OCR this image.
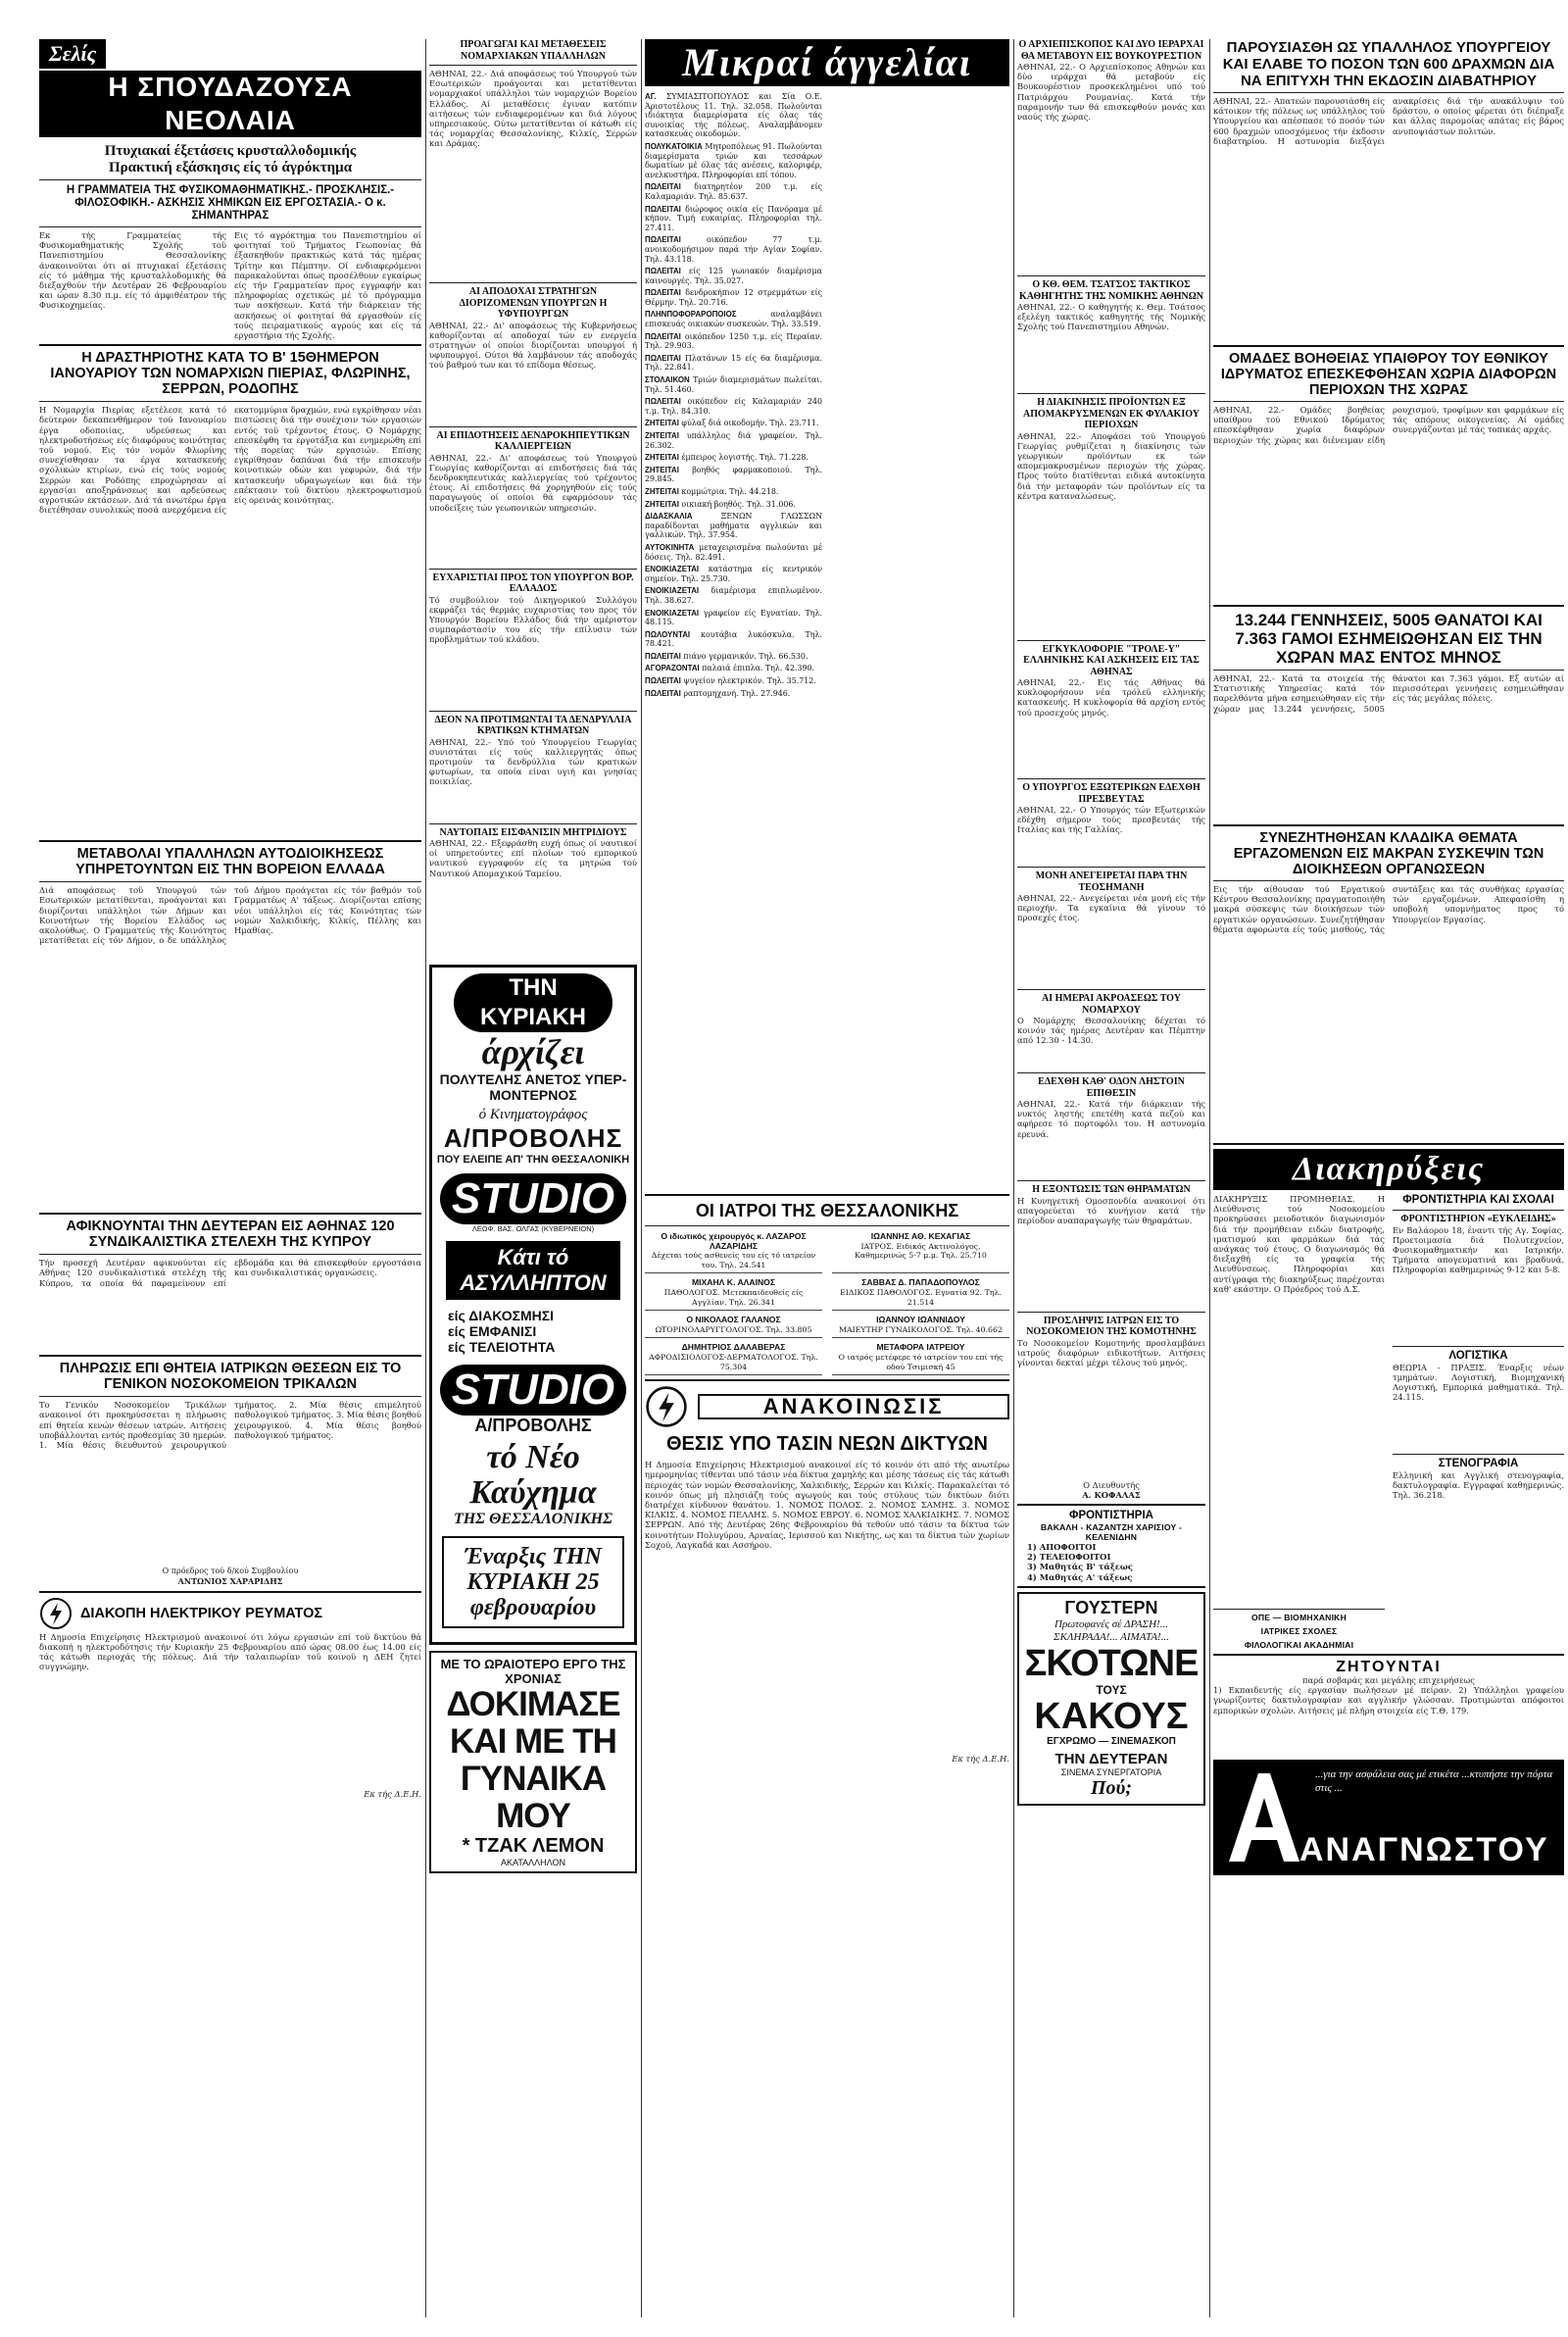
Σελίς
Η ΣΠΟΥΔΑΖΟΥΣΑ ΝΕΟΛΑΙΑ
Πτυχιακαί έξετάσεις κρυσταλλοδομικής
Πρακτική εξάσκησις είς τό άγρόκτημα
Η ΓΡΑΜΜΑΤΕΙΑ ΤΗΣ ΦΥΣΙΚΟΜΑΘΗΜΑΤΙΚΗΣ.- ΠΡΟΣΚΛΗΣΙΣ.- ΦΙΛΟΣΟΦΙΚΗ.- ΑΣΚΗΣΙΣ ΧΗΜΙΚΩΝ ΕΙΣ ΕΡΓΟΣΤΑΣΙΑ.- Ο κ. ΣΗΜΑΝΤΗΡΑΣ

Εκ τής Γραμματείας τής Φυσικομαθηματικής Σχολής τοϋ Πανεπιστημίου Θεσσαλονίκης άνακοινοϋται ότι αί πτυχιακαί έξετάσεις είς τό μάθημα τής κρυσταλλοδομικής θά διεξαχθούν τήν Δευτέραν 26 Φεβρουαρίου και ώραν 8.30 π.μ. είς τό άμφιθέατρον τής Φυσικοχημείας.

Εις τό αγρόκτημα του Πανεπιστημίου οί φοιτηταί τοϋ Τμήματος Γεωπονίας θά έξασκηθοϋν πρακτικώς κατά τάς ημέρας Τρίτην και Πέμπτην. Οί ενδιαφερόμενοι παρακαλοϋνται όπως προσέλθουν εγκαίρως είς τήν Γραμματείαν προς εγγραφήν και πληροφορίας σχετικώς μέ τό πρόγραμμα των ασκήσεων. Κατά τήν διάρκειαν τής ασκήσεως οί φοιτηταί θά εργασθούν είς τούς πειραματικούς αγρούς και είς τά εργαστήρια τής Σχολής.

Η ΔΡΑΣΤΗΡΙΟΤΗΣ ΚΑΤΑ ΤΟ Β' 15ΘΗΜΕΡΟΝ ΙΑΝΟΥΑΡΙΟΥ ΤΩΝ ΝΟΜΑΡΧΙΩΝ ΠΙΕΡΙΑΣ, ΦΛΩΡΙΝΗΣ, ΣΕΡΡΩΝ, ΡΟΔΟΠΗΣ

Η Νομαρχία Πιερίας εξετέλεσε κατά τό δεύτερον δεκαπενθήμερον τού Ιανουαρίου έργα οδοποιίας, υδρεύσεως και ηλεκτροδοτήσεως είς διαφόρους κοινότητας τοϋ νομού. Εις τόν νομόν Φλωρίνης συνεχίσθησαν τα έργα κατασκευής σχολικών κτιρίων, ενώ είς τούς νομούς Σερρών και Ροδόπης επροχώρησαν αί εργασίαι αποξηράνσεως και αρδεύσεως αγροτικών εκτάσεων. Διά τά ανωτέρω έργα διετέθησαν συνολικώς ποσά ανερχόμενα είς εκατομμύρια δραχμών, ενώ εγκρίθησαν νέαι πιστώσεις διά τήν συνέχισιν τών εργασιών εντός τοϋ τρέχοντος έτους. Ο Νομάρχης επεσκέφθη τα εργοτάξια και ενημερώθη επί τής πορείας τών εργασιών. Επίσης εγκρίθησαν δαπάναι διά τήν επισκευήν κοινοτικών οδών και γεφυρών, διά τήν κατασκευήν υδραγωγείων και διά τήν επέκτασιν τοϋ δικτύου ηλεκτροφωτισμού είς ορεινάς κοινότητας.

ΜΕΤΑΒΟΛΑΙ ΥΠΑΛΛΗΛΩΝ ΑΥΤΟΔΙΟΙΚΗΣΕΩΣ ΥΠΗΡΕΤΟΥΝΤΩΝ ΕΙΣ ΤΗΝ ΒΟΡΕΙΟΝ ΕΛΛΑΔΑ

Διά αποφάσεως τοϋ Υπουργού τών Εσωτερικών μετατίθενται, προάγονται και διορίζονται υπάλληλοι τών Δήμων και Κοινοτήτων τής Βορείου Ελλάδος ως ακολούθως. Ο Γραμματεύς τής Κοινότητος μετατίθεται είς τόν Δήμον, ο δε υπάλληλος τοϋ Δήμου προάγεται είς τόν βαθμόν τοϋ Γραμματέως Α' τάξεως. Διορίζονται επίσης νέοι υπάλληλοι είς τάς Κοινότητας τών νομών Χαλκιδικής, Κιλκίς, Πέλλης και Ημαθίας.

ΑΦΙΚΝΟΥΝΤΑΙ ΤΗΝ ΔΕΥΤΕΡΑΝ ΕΙΣ ΑΘΗΝΑΣ 120 ΣΥΝΔΙΚΑΛΙΣΤΙΚΑ ΣΤΕΛΕΧΗ ΤΗΣ ΚΥΠΡΟΥ

Τήν προσεχή Δευτέραν αφικνούνται είς Αθήνας 120 συνδικαλιστικά στελέχη τής Κύπρου, τα οποία θά παραμείνουν επί εβδομάδα και θά επισκεφθούν εργοστάσια και συνδικαλιστικάς οργανώσεις.

ΠΛΗΡΩΣΙΣ ΕΠΙ ΘΗΤΕΙΑ ΙΑΤΡΙΚΩΝ ΘΕΣΕΩΝ ΕΙΣ ΤΟ ΓΕΝΙΚΟΝ ΝΟΣΟΚΟΜΕΙΟΝ ΤΡΙΚΑΛΩΝ

Το Γενικόν Νοσοκομείον Τρικάλων ανακοινοί ότι προκηρύσσεται η πλήρωσις επί θητεία κενών θέσεων ιατρών. Αιτήσεις υποβάλλονται εντός προθεσμίας 30 ημερών. 1. Μία θέσις διευθυντού χειρουργικού τμήματος. 2. Μία θέσις επιμελητού παθολογικού τμήματος. 3. Μία θέσις βοηθού χειρουργικού. 4. Μία θέσις βοηθού παθολογικού τμήματος.

Ο πρόεδρος τού δ/κού Συμβουλίου

ΑΝΤΩΝΙΟΣ ΧΑΡΑΡΙΔΗΣ

ΔΙΑΚΟΠΗ ΗΛΕΚΤΡΙΚΟΥ ΡΕΥΜΑΤΟΣ

Η Δημοσία Επιχείρησις Ηλεκτρισμού ανακοινοί ότι λόγω εργασιών επί τοϋ δικτύου θά διακοπή η ηλεκτροδότησις τήν Κυριακήν 25 Φεβρουαρίου από ώρας 08.00 έως 14.00 είς τάς κάτωθι περιοχάς τής πόλεως. Διά τήν ταλαιπωρίαν τοϋ κοινοϋ η ΔΕΗ ζητεί συγγνώμην.

Εκ τής Δ.Ε.Η.

ΠΡΟΑΓΩΓΑΙ ΚΑΙ ΜΕΤΑΘΕΣΕΙΣ ΝΟΜΑΡΧΙΑΚΩΝ ΥΠΑΛΛΗΛΩΝ

ΑΘΗΝΑΙ, 22.- Διά αποφάσεως τού Υπουργού τών Εσωτερικών προάγονται και μετατίθενται νομαρχιακοί υπάλληλοι τών νομαρχιών Βορείου Ελλάδος. Αί μεταθέσεις έγιναν κατόπιν αιτήσεως τών ενδιαφερομένων και διά λόγους υπηρεσιακούς. Ούτω μετατίθενται οί κάτωθι είς τάς νομαρχίας Θεσσαλονίκης, Κιλκίς, Σερρών και Δράμας.

ΑΙ ΑΠΟΔΟΧΑΙ ΣΤΡΑΤΗΓΩΝ ΔΙΟΡΙΖΟΜΕΝΩΝ ΥΠΟΥΡΓΩΝ Η ΥΦΥΠΟΥΡΓΩΝ

ΑΘΗΝΑΙ, 22.- Δι' αποφάσεως τής Κυβερνήσεως καθορίζονται αί αποδοχαί τών εν ενεργεία στρατηγών οί οποίοι διορίζονται υπουργοί ή υφυπουργοί. Ούτοι θά λαμβάνουν τάς αποδοχάς τού βαθμού των και τό επίδομα θέσεως.

ΑΙ ΕΠΙΔΟΤΗΣΕΙΣ ΔΕΝΔΡΟΚΗΠΕΥΤΙΚΩΝ ΚΑΛΛΙΕΡΓΕΙΩΝ

ΑΘΗΝΑΙ, 22.- Δι' αποφάσεως τού Υπουργού Γεωργίας καθορίζονται αί επιδοτήσεις διά τάς δενδροκηπευτικάς καλλιεργείας τού τρέχοντος έτους. Αί επιδοτήσεις θά χορηγηθούν είς τούς παραγωγούς οί οποίοι θά εφαρμόσουν τάς υποδείξεις τών γεωπονικών υπηρεσιών.

ΕΥΧΑΡΙΣΤΙΑΙ ΠΡΟΣ ΤΟΝ ΥΠΟΥΡΓΟΝ ΒΟΡ. ΕΛΛΑΔΟΣ

Τό συμβούλιον τού Δικηγορικού Συλλόγου εκφράζει τάς θερμάς ευχαριστίας του προς τόν Υπουργόν Βορείου Ελλάδος διά τήν αμέριστον συμπαράστασίν του είς τήν επίλυσιν τών προβλημάτων τού κλάδου.

ΔΕΟΝ ΝΑ ΠΡΟΤΙΜΩΝΤΑΙ ΤΑ ΔΕΝΔΡΥΛΛΙΑ ΚΡΑΤΙΚΩΝ ΚΤΗΜΑΤΩΝ

ΑΘΗΝΑΙ, 22.- Υπό τού Υπουργείου Γεωργίας συνιστάται είς τούς καλλιεργητάς όπως προτιμούν τα δενδρύλλια τών κρατικών φυτωρίων, τα οποία είναι υγιή και γνησίας ποικιλίας.

ΝΑΥΤΟΠΑΙΣ ΕΙΣΦΑΝΙΣΙΝ ΜΗΤΡΙΔΙΟΥΣ

ΑΘΗΝΑΙ, 22.- Εξεφράσθη ευχή όπως οί ναυτικοί οί υπηρετούντες επί πλοίων τού εμπορικού ναυτικού εγγραφούν είς τα μητρώα τού Ναυτικού Απομαχικού Ταμείου.

ΤΗΝ ΚΥΡΙΑΚΗ
άρχίζει
ΠΟΛΥΤΕΛΗΣ ΑΝΕΤΟΣ ΥΠΕΡ-ΜΟΝΤΕΡΝΟΣ
ό Κινηματογράφος
Α/ΠΡΟΒΟΛΗΣ
ΠΟΥ ΕΛΕΙΠΕ ΑΠ' ΤΗΝ ΘΕΣΣΑΛΟΝΙΚΗ
STUDIO
ΛΕΩΦ. ΒΑΣ. ΟΛΓΑΣ (ΚΥΒΕΡΝΕΙΟΝ)
Κάτι τό ΑΣΥΛΛΗΠΤΟΝ
είς ΔΙΑΚΟΣΜΗΣΙ
είς ΕΜΦΑΝΙΣΙ
είς ΤΕΛΕΙΟΤΗΤΑ
STUDIO
Α/ΠΡΟΒΟΛΗΣ
τό Νέο Καύχημα
ΤΗΣ ΘΕΣΣΑΛΟΝΙΚΗΣ
Έναρξις ΤΗΝ ΚΥΡΙΑΚΗ 25 φεβρουαρίου
ΜΕ ΤΟ ΩΡΑΙΟΤΕΡΟ ΕΡΓΟ ΤΗΣ ΧΡΟΝΙΑΣ
ΔΟΚΙΜΑΣΕ ΚΑΙ ΜΕ ΤΗ ΓΥΝΑΙΚΑ ΜΟΥ
* ΤΖΑΚ ΛΕΜΟΝ
ΑΚΑΤΑΛΛΗΛΟΝ
Μικραί άγγελίαι

ΑΓ. ΣΥΜΙΑΣΙΤΟΠΟΥΛΟΣ και Σία Ο.Ε. Άριστοτέλους 11. Τηλ. 32.058. Πωλοϋνται ιδιόκτητα διαμερίσματα είς όλας τάς συνοικίας τής πόλεως. Αναλαμβάνομεν κατασκευάς οικοδομών.

ΠΟΛΥΚΑΤΟΙΚΙΑ Μητροπόλεως 91. Πωλούνται διαμερίσματα τριών και τεσσάρων δωματίων μέ όλας τάς ανέσεις, καλοριφέρ, ανελκυστήρα. Πληροφορίαι επί τόπου.

ΠΩΛΕΙΤΑΙ διατηρητέον 200 τ.μ. είς Καλαμαριάν. Τηλ. 85.637.

ΠΩΛΕΙΤΑΙ διώροφος οικία είς Πανόραμα μέ κήπον. Τιμή ευκαιρίας. Πληροφορίαι τηλ. 27.411.

ΠΩΛΕΙΤΑΙ οικόπεδον 77 τ.μ. ανοικοδομήσιμον παρά τήν Αγίαν Σοφίαν. Τηλ. 43.118.

ΠΩΛΕΙΤΑΙ είς 125 γωνιακόν διαμέρισμα καινουργές. Τηλ. 35.027.

ΠΩΛΕΙΤΑΙ δενδροκήπιον 12 στρεμμάτων είς Θέρμην. Τηλ. 20.716.

ΠΛΗΝΠΟΦΟΡΑΡΟΠΟΙΟΣ αναλαμβάνει επισκευάς οικιακών συσκευών. Τηλ. 33.519.

ΠΩΛΕΙΤΑΙ οικόπεδον 1250 τ.μ. είς Περαίαν. Τηλ. 29.903.

ΠΩΛΕΙΤΑΙ Πλατάνων 15 είς 6α διαμέρισμα. Τηλ. 22.841.

ΣΤΟΛΑΙΚΟΝ Τριών διαμερισμάτων πωλείται. Τηλ. 51.460.

ΠΩΛΕΙΤΑΙ οικόπεδον είς Καλαμαριάν 240 τ.μ. Τηλ. 84.310.

ΖΗΤΕΙΤΑΙ φύλαξ διά οικοδομήν. Τηλ. 23.711.

ΖΗΤΕΙΤΑΙ υπάλληλος διά γραφείον. Τηλ. 26.302.

ΖΗΤΕΙΤΑΙ έμπειρος λογιστής. Τηλ. 71.228.

ΖΗΤΕΙΤΑΙ βοηθός φαρμακοποιού. Τηλ. 29.845.

ΖΗΤΕΙΤΑΙ κομμώτρια. Τηλ. 44.218.

ΖΗΤΕΙΤΑΙ οικιακή βοηθός. Τηλ. 31.006.

ΔΙΔΑΣΚΑΛΙΑ ΞΕΝΩΝ ΓΛΩΣΣΩΝ παραδίδονται μαθήματα αγγλικών και γαλλικών. Τηλ. 37.954.

ΑΥΤΟΚΙΝΗΤΑ μεταχειρισμένα πωλούνται μέ δόσεις. Τηλ. 82.491.

ΕΝΟΙΚΙΑΖΕΤΑΙ κατάστημα είς κεντρικόν σημείον. Τηλ. 25.730.

ΕΝΟΙΚΙΑΖΕΤΑΙ διαμέρισμα επιπλωμένον. Τηλ. 38.627.

ΕΝΟΙΚΙΑΖΕΤΑΙ γραφείον είς Εγνατίαν. Τηλ. 48.115.

ΠΩΛΟΥΝΤΑΙ κουτάβια λυκόσκυλα. Τηλ. 78.421.

ΠΩΛΕΙΤΑΙ πιάνο γερμανικόν. Τηλ. 66.530.

ΑΓΟΡΑΖΟΝΤΑΙ παλαιά έπιπλα. Τηλ. 42.390.

ΠΩΛΕΙΤΑΙ ψυγείον ηλεκτρικόν. Τηλ. 35.712.

ΠΩΛΕΙΤΑΙ ραπτομηχανή. Τηλ. 27.946.

ΟΙ ΙΑΤΡΟΙ ΤΗΣ ΘΕΣΣΑΛΟΝΙΚΗΣ
Ο ιδιωτικός χειρουργός κ. ΛΑΖΑΡΟΣ ΛΑΖΑΡΙΔΗΣ
Δέχεται τούς ασθενείς του είς τό ιατρείον του. Τηλ. 24.541
ΙΩΑΝΝΗΣ ΑΘ. ΚΕΧΑΓΙΑΣ
ΙΑΤΡΟΣ. Ειδικός Ακτινολόγος. Καθημερινώς 5-7 μ.μ. Τηλ. 25.710
ΜΙΧΑΗΛ Κ. ΑΛΑΙΝΟΣ
ΠΑΘΟΛΟΓΟΣ. Μετεκπαιδευθείς είς Αγγλίαν. Τηλ. 26.341
ΣΑΒΒΑΣ Δ. ΠΑΠΑΔΟΠΟΥΛΟΣ
ΕΙΔΙΚΟΣ ΠΑΘΟΛΟΓΟΣ. Εγνατία 92. Τηλ. 21.514
Ο ΝΙΚΟΛΑΟΣ ΓΑΛΑΝΟΣ
ΩΤΟΡΙΝΟΛΑΡΥΓΓΟΛΟΓΟΣ. Τηλ. 33.805
ΙΩΑΝΝΟΥ ΙΩΑΝΝΙΔΟΥ
ΜΑΙΕΥΤΗΡ ΓΥΝΑΙΚΟΛΟΓΟΣ. Τηλ. 40.662
ΔΗΜΗΤΡΙΟΣ ΔΑΛΑΒΕΡΑΣ
ΑΦΡΟΔΙΣΙΟΛΟΓΟΣ-ΔΕΡΜΑΤΟΛΟΓΟΣ. Τηλ. 75.304
ΜΕΤΑΦΟΡΑ ΙΑΤΡΕΙΟΥ
Ο ιατρός μετέφερε τό ιατρείον του επί τής οδού Τσιμισκή 45
ΑΝΑΚΟΙΝΩΣΙΣ
ΘΕΣΙΣ ΥΠΟ ΤΑΣΙΝ ΝΕΩΝ ΔΙΚΤΥΩΝ

Η Δημοσία Επιχείρησις Ηλεκτρισμού ανακοινοί είς τό κοινόν ότι από τής ανωτέρω ημερομηνίας τίθενται υπό τάσιν νέα δίκτυα χαμηλής και μέσης τάσεως είς τάς κάτωθι περιοχάς τών νομών Θεσσαλονίκης, Χαλκιδικής, Σερρών και Κιλκίς. Παρακαλείται τό κοινόν όπως μή πλησιάζη τούς αγωγούς και τούς στύλους τών δικτύων διότι διατρέχει κίνδυνον θανάτου. 1. ΝΟΜΟΣ ΠΟΛΟΣ. 2. ΝΟΜΟΣ ΣΑΜΗΣ. 3. ΝΟΜΟΣ ΚΙΛΚΙΣ. 4. ΝΟΜΟΣ ΠΕΛΛΗΣ. 5. ΝΟΜΟΣ ΕΒΡΟΥ. 6. ΝΟΜΟΣ ΧΑΛΚΙΔΙΚΗΣ. 7. ΝΟΜΟΣ ΣΕΡΡΩΝ. Από τής Δευτέρας 26ης Φεβρουαρίου θά τεθούν υπό τάσιν τα δίκτυα τών κοινοτήτων Πολυγύρου, Αρναίας, Ιερισσού και Νικήτης, ως και τα δίκτυα τών χωρίων Σοχού, Λαγκαδά και Ασσήρου.

Εκ τής Δ.Ε.Η.

Ο ΑΡΧΙΕΠΙΣΚΟΠΟΣ ΚΑΙ ΔΥΟ ΙΕΡΑΡΧΑΙ ΘΑ ΜΕΤΑΒΟΥΝ ΕΙΣ ΒΟΥΚΟΥΡΕΣΤΙΟΝ

ΑΘΗΝΑΙ, 22.- Ο Αρχιεπίσκοπος Αθηνών και δύο ιεράρχαι θά μεταβούν είς Βουκουρέστιον προσκεκλημένοι υπό τού Πατριάρχου Ρουμανίας. Κατά τήν παραμονήν των θά επισκεφθούν μονάς και ναούς τής χώρας.

Ο ΚΘ. ΘΕΜ. ΤΣΑΤΣΟΣ ΤΑΚΤΙΚΟΣ ΚΑΘΗΓΗΤΗΣ ΤΗΣ ΝΟΜΙΚΗΣ ΑΘΗΝΩΝ

ΑΘΗΝΑΙ, 22.- Ο καθηγητής κ. Θεμ. Τσάτσος εξελέγη τακτικός καθηγητής τής Νομικής Σχολής τού Πανεπιστημίου Αθηνών.

Η ΔΙΑΚΙΝΗΣΙΣ ΠΡΟΪΟΝΤΩΝ ΕΞ ΑΠΟΜΑΚΡΥΣΜΕΝΩΝ ΕΚ ΦΥΛΑΚΙΟΥ ΠΕΡΙΟΧΩΝ

ΑΘΗΝΑΙ, 22.- Αποφάσει τού Υπουργού Γεωργίας ρυθμίζεται η διακίνησις τών γεωργικών προϊόντων εκ τών απομεμακρυσμένων περιοχών τής χώρας. Προς τούτο διατίθενται ειδικά αυτοκίνητα διά τήν μεταφοράν τών προϊόντων είς τα κέντρα καταναλώσεως.

ΕΓΚΥΚΛΟΦΟΡΙΕ "ΤΡΟΛΕ-Υ" ΕΛΛΗΝΙΚΗΣ ΚΑΙ ΑΣΚΗΣΕΙΣ ΕΙΣ ΤΑΣ ΑΘΗΝΑΣ

ΑΘΗΝΑΙ, 22.- Εις τάς Αθήνας θά κυκλοφορήσουν νέα τρόλεϋ ελληνικής κατασκευής. Η κυκλοφορία θά αρχίση εντός τού προσεχούς μηνός.

Ο ΥΠΟΥΡΓΟΣ ΕΞΩΤΕΡΙΚΩΝ ΕΔΕΧΘΗ ΠΡΕΣΒΕΥΤΑΣ

ΑΘΗΝΑΙ, 22.- Ο Υπουργός τών Εξωτερικών εδέχθη σήμερον τούς πρεσβευτάς τής Ιταλίας και τής Γαλλίας.

ΜΟΝΗ ΑΝΕΓΕΙΡΕΤΑΙ ΠΑΡΑ ΤΗΝ ΤΕΟΣΗΜΑΝΗ

ΑΘΗΝΑΙ, 22.- Ανεγείρεται νέα μονή είς τήν περιοχήν. Τα εγκαίνια θά γίνουν τό προσεχές έτος.

ΑΙ ΗΜΕΡΑΙ ΑΚΡΟΑΣΕΩΣ ΤΟΥ ΝΟΜΑΡΧΟΥ

Ο Νομάρχης Θεσσαλονίκης δέχεται τό κοινόν τάς ημέρας Δευτέραν και Πέμπτην από 12.30 - 14.30.

ΕΔΕΧΘΗ ΚΑΘ' ΟΔΟΝ ΛΗΣΤΟΙΝ ΕΠΙΘΕΣΙΝ

ΑΘΗΝΑΙ, 22.- Κατά τήν διάρκειαν τής νυκτός ληστής επετέθη κατά πεζού και αφήρεσε τό πορτοφόλι του. Η αστυνομία ερευνά.

Η ΕΞΟΝΤΩΣΙΣ ΤΩΝ ΘΗΡΑΜΑΤΩΝ

Η Κυνηγετική Ομοσπονδία ανακοινοί ότι απαγορεύεται τό κυνήγιον κατά τήν περίοδον αναπαραγωγής τών θηραμάτων.

ΠΡΟΣΛΗΨΙΣ ΙΑΤΡΩΝ ΕΙΣ ΤΟ ΝΟΣΟΚΟΜΕΙΟΝ ΤΗΣ ΚΟΜΟΤΗΝΗΣ

Το Νοσοκομείον Κομοτηνής προσλαμβάνει ιατρούς διαφόρων ειδικοτήτων. Αιτήσεις γίνονται δεκταί μέχρι τέλους τού μηνός.

Ο Διευθυντής

Α. ΚΟΦΑΛΑΣ

ΦΡΟΝΤΙΣΤΗΡΙΑ
ΒΑΚΑΛΗ - ΚΑΖΑΝΤΖΗ ΧΑΡΙΣΙΟΥ - ΚΕΛΕΝΙΔΗΝ

1) ΑΠΟΦΟΙΤΟΙ

2) ΤΕΛΕΙΟΦΟΙΤΟΙ

3) Μαθητάς Β' τάξεως

4) Μαθητάς Α' τάξεως

ΓΟΥΣΤΕΡΝ
Πρωτοφανές σέ ΔΡΑΣΗ!... ΣΚΛΗΡΑΔΑ!... ΑΙΜΑΤΑ!...
ΣΚΟΤΩΝΕ
ΤΟΥΣ
ΚΑΚΟΥΣ
ΕΓΧΡΩΜΟ — ΣΙΝΕΜΑΣΚΟΠ
ΤΗΝ ΔΕΥΤΕΡΑΝ
ΣΙΝΕΜΑ ΣΥΝΕΡΓΑΤΟΡΙΑ
Πού;
ΠΑΡΟΥΣΙΑΣΘΗ ΩΣ ΥΠΑΛΛΗΛΟΣ ΥΠΟΥΡΓΕΙΟΥ ΚΑΙ ΕΛΑΒΕ ΤΟ ΠΟΣΟΝ ΤΩΝ 600 ΔΡΑΧΜΩΝ ΔΙΑ ΝΑ ΕΠΙΤΥΧΗ ΤΗΝ ΕΚΔΟΣΙΝ ΔΙΑΒΑΤΗΡΙΟΥ

ΑΘΗΝΑΙ, 22.- Απατεών παρουσιάσθη είς κάτοικον τής πόλεως ως υπάλληλος τού Υπουργείου και απέσπασε τό ποσόν τών 600 δραχμών υποσχόμενος τήν έκδοσιν διαβατηρίου. Η αστυνομία διεξάγει ανακρίσεις διά τήν ανακάλυψιν τού δράστου, ο οποίος φέρεται ότι διέπραξε και άλλας παρομοίας απάτας είς βάρος ανυποψιάστων πολιτών.

ΟΜΑΔΕΣ ΒΟΗΘΕΙΑΣ ΥΠΑΙΘΡΟΥ ΤΟΥ ΕΘΝΙΚΟΥ ΙΔΡΥΜΑΤΟΣ ΕΠΕΣΚΕΦΘΗΣΑΝ ΧΩΡΙΑ ΔΙΑΦΟΡΩΝ ΠΕΡΙΟΧΩΝ ΤΗΣ ΧΩΡΑΣ

ΑΘΗΝΑΙ, 22.- Ομάδες βοηθείας υπαίθρου τού Εθνικού Ιδρύματος επεσκέφθησαν χωρία διαφόρων περιοχών τής χώρας και διένειμαν είδη ρουχισμού, τροφίμων και φαρμάκων είς τάς απόρους οικογενείας. Αί ομάδες συνεργάζονται μέ τάς τοπικάς αρχάς.

13.244 ΓΕΝΝΗΣΕΙΣ, 5005 ΘΑΝΑΤΟΙ ΚΑΙ 7.363 ΓΑΜΟΙ ΕΣΗΜΕΙΩΘΗΣΑΝ ΕΙΣ ΤΗΝ ΧΩΡΑΝ ΜΑΣ ΕΝΤΟΣ ΜΗΝΟΣ

ΑΘΗΝΑΙ, 22.- Κατά τα στοιχεία τής Στατιστικής Υπηρεσίας κατά τόν παρελθόντα μήνα εσημειώθησαν είς τήν χώραν μας 13.244 γεννήσεις, 5005 θάνατοι και 7.363 γάμοι. Εξ αυτών αί περισσότεραι γεννήσεις εσημειώθησαν είς τάς μεγάλας πόλεις.

ΣΥΝΕΖΗΤΗΘΗΣΑΝ ΚΛΑΔΙΚΑ ΘΕΜΑΤΑ ΕΡΓΑΖΟΜΕΝΩΝ ΕΙΣ ΜΑΚΡΑΝ ΣΥΣΚΕΨΙΝ ΤΩΝ ΔΙΟΙΚΗΣΕΩΝ ΟΡΓΑΝΩΣΕΩΝ

Εις τήν αίθουσαν τού Εργατικού Κέντρου Θεσσαλονίκης πραγματοποιήθη μακρά σύσκεψις τών διοικήσεων τών εργατικών οργανώσεων. Συνεζητήθησαν θέματα αφορώντα είς τούς μισθούς, τάς συντάξεις και τάς συνθήκας εργασίας τών εργαζομένων. Απεφασίσθη η υποβολή υπομνήματος προς τό Υπουργείον Εργασίας.

Διακηρύξεις

ΔΙΑΚΗΡΥΞΙΣ ΠΡΟΜΗΘΕΙΑΣ. Η Διεύθυνσις τού Νοσοκομείου προκηρύσσει μειοδοτικόν διαγωνισμόν διά τήν προμήθειαν ειδών διατροφής, ιματισμού και φαρμάκων διά τάς ανάγκας τού έτους. Ο διαγωνισμός θά διεξαχθή είς τα γραφεία τής Διευθύνσεως. Πληροφορίαι και αντίγραφα τής διακηρύξεως παρέχονται καθ' εκάστην. Ο Πρόεδρος τού Δ.Σ.

ΟΠΕ — ΒΙΟΜΗΧΑΝΙΚΗ
ΙΑΤΡΙΚΕΣ ΣΧΟΛΕΣ
ΦΙΛΟΛΟΓΙΚΑΙ ΑΚΑΔΗΜΙΑΙ
ΦΡΟΝΤΙΣΤΗΡΙΑ ΚΑΙ ΣΧΟΛΑΙ
ΦΡΟΝΤΙΣΤΗΡΙΟΝ «ΕΥΚΛΕΙΔΗΣ»

Εν Βαλάορου 18, έναντι τής Αγ. Σοφίας. Προετοιμασία διά Πολυτεχνείον, Φυσικομαθηματικήν και Ιατρικήν. Τμήματα απογευματινά και βραδυνά. Πληροφορίαι καθημερινώς 9-12 και 5-8.

ΛΟΓΙΣΤΙΚΑ

ΘΕΩΡΙΑ - ΠΡΑΞΙΣ. Έναρξις νέων τμημάτων. Λογιστική, Βιομηχανική Λογιστική, Εμπορικά μαθηματικά. Τηλ. 24.115.

ΣΤΕΝΟΓΡΑΦΙΑ

Ελληνική και Αγγλική στενογραφία, δακτυλογραφία. Εγγραφαί καθημερινώς. Τηλ. 36.218.

ΖΗΤΟΥΝΤΑΙ

παρά σοβαράς και μεγάλης επιχειρήσεως

1) Εκπαιδευτής είς εργασίαν πωλήσεων μέ πείραν. 2) Υπάλληλοι γραφείου γνωρίζοντες δακτυλογραφίαν και αγγλικήν γλώσσαν. Προτιμώνται απόφοιτοι εμπορικών σχολών. Αιτήσεις μέ πλήρη στοιχεία είς Τ.Θ. 179.

...για την ασφάλεια σας μέ ετικέτα ...κτυπήστε την πόρτα στις ...
ΑΝΑΓΝΩΣΤΟΥ
